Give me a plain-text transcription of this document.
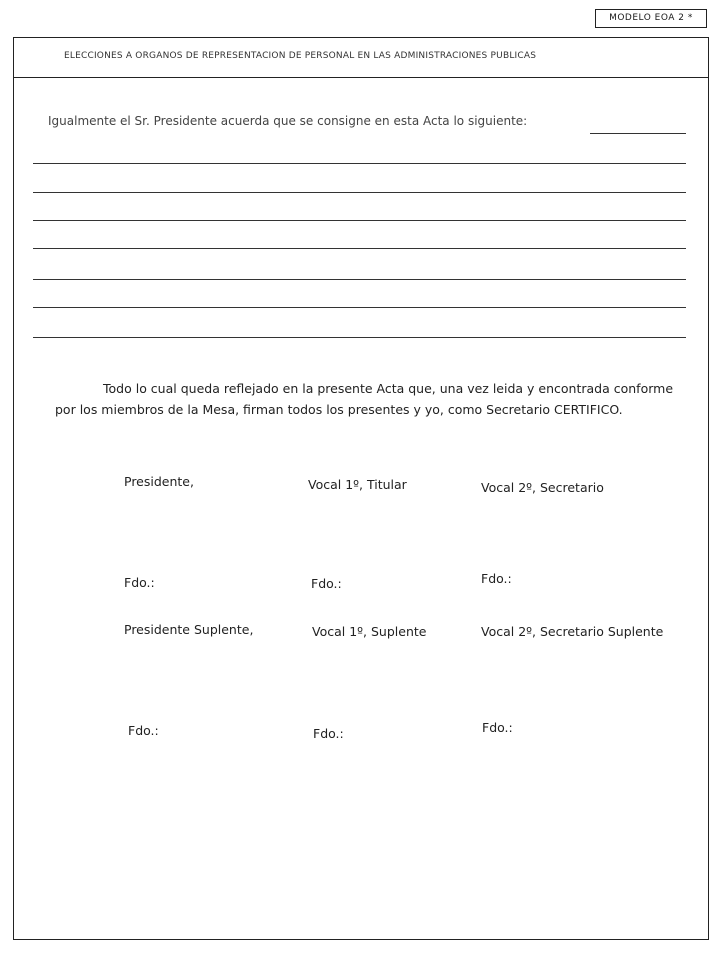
MODELO EOA 2 *
ELECCIONES A ORGANOS DE REPRESENTACION DE PERSONAL EN LAS ADMINISTRACIONES PUBLICAS
Igualmente el Sr. Presidente acuerda que se consigne en esta Acta lo siguiente:

Todo lo cual queda reflejado en la presente Acta que, una vez leida y encontrada conforme por los miembros de la Mesa, firman todos los presentes y yo, como Secretario CERTIFICO.

Presidente,	Vocal 1º, Titular	Vocal 2º, Secretario
Fdo.:	Fdo.:	Fdo.:
Presidente Suplente,	Vocal 1º, Suplente	Vocal 2º, Secretario Suplente
Fdo.:	Fdo.:	Fdo.:
